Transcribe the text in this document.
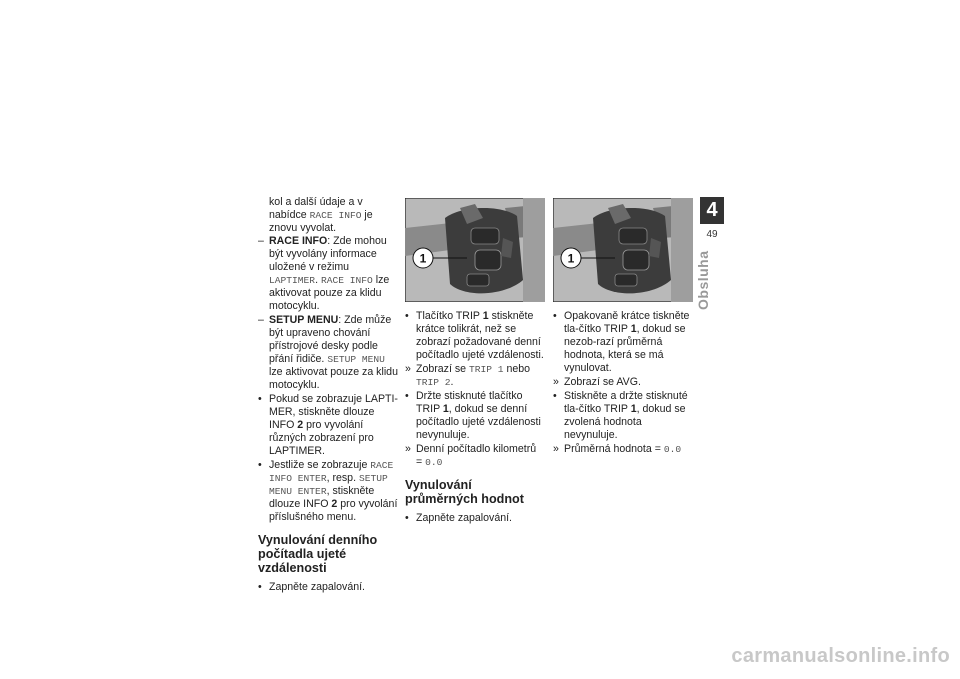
kol a další údaje a v nabídce RACE INFO je znovu vyvolat.

– RACE INFO: Zde mohou být vyvolány informace uložené v režimu LAPTIMER. RACE INFO lze aktivovat pouze za klidu motocyklu.
– SETUP MENU: Zde může být upraveno chování přístrojové desky podle přání řidiče. SETUP MENU lze aktivovat pouze za klidu motocyklu.
• Pokud se zobrazuje LAPTI-MER, stiskněte dlouze INFO 2 pro vyvolání různých zobrazení pro LAPTIMER.
• Jestliže se zobrazuje RACE INFO ENTER, resp. SETUP MENU ENTER, stiskněte dlouze INFO 2 pro vyvolání příslušného menu.
Vynulování denního počítadla ujeté vzdálenosti
• Zapněte zapalování.
1
• Tlačítko TRIP 1 stiskněte krátce tolikrát, než se zobrazí požadované denní počítadlo ujeté vzdálenosti.
» Zobrazí se TRIP 1 nebo TRIP 2.
• Držte stisknuté tlačítko TRIP 1, dokud se denní počítadlo ujeté vzdálenosti nevynuluje.
» Denní počítadlo kilometrů = 0.0
Vynulování průměrných hodnot
• Zapněte zapalování.
1
• Opakovaně krátce tiskněte tla-čítko TRIP 1, dokud se nezob-razí průměrná hodnota, která se má vynulovat.
» Zobrazí se AVG.
• Stiskněte a držte stisknuté tla-čítko TRIP 1, dokud se zvolená hodnota nevynuluje.
» Průměrná hodnota = 0.0
4
49
Obsluha
carmanualsonline.info
